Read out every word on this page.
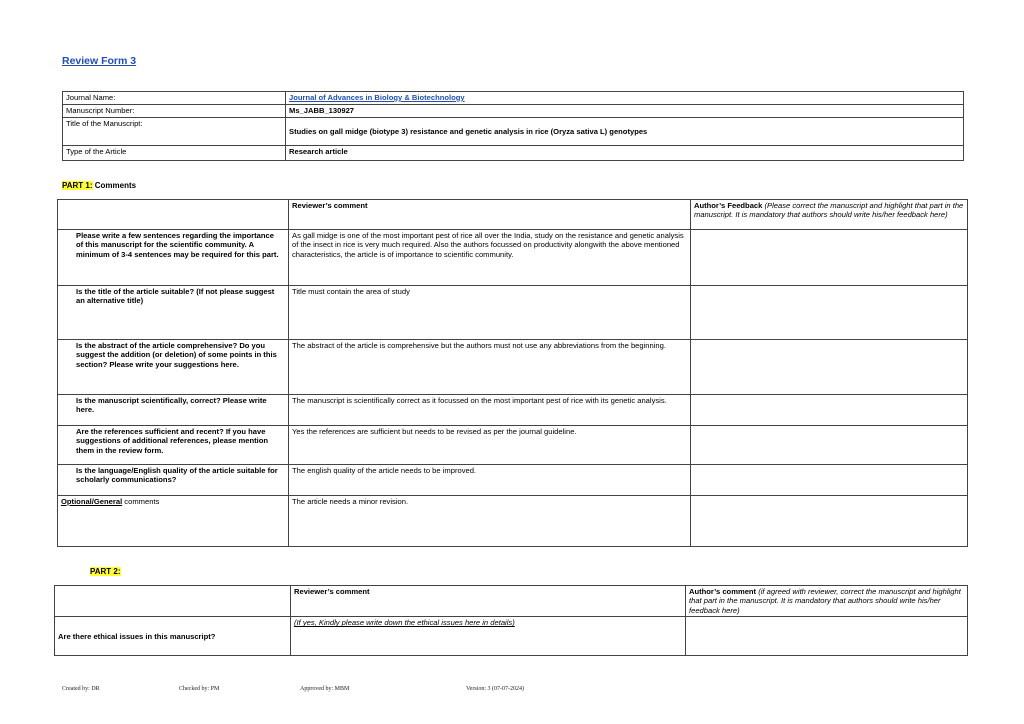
Review Form 3
Journal Name:	Journal of Advances in Biology & Biotechnology
Manuscript Number:	Ms_JABB_130927
Title of the Manuscript:	Studies on gall midge (biotype 3) resistance and genetic analysis in rice (Oryza sativa L) genotypes
Type of the Article	Research article
PART 1: Comments
	Reviewer’s comment	Author’s Feedback (Please correct the manuscript and highlight that part in the manuscript. It is mandatory that authors should write his/her feedback here)
Please write a few sentences regarding the importance of this manuscript for the scientific community. A minimum of 3-4 sentences may be required for this part.	As gall midge is one of the most important pest of rice all over the India, study on the resistance and genetic analysis of the insect in rice is very much required. Also the authors focussed on productivity alongwith the above mentioned characteristics, the article is of importance to scientific community.	
Is the title of the article suitable? (If not please suggest an alternative title)	Title must contain the area of study	
Is the abstract of the article comprehensive? Do you suggest the addition (or deletion) of some points in this section? Please write your suggestions here.	The abstract of the article is comprehensive but the authors must not use any abbreviations from the beginning.	
Is the manuscript scientifically, correct? Please write here.	The manuscript is scientifically correct as it focussed on the most important pest of rice with its genetic analysis.	
Are the references sufficient and recent? If you have suggestions of additional references, please mention them in the review form.	Yes the references are sufficient but needs to be revised as per the journal guideline.	
Is the language/English quality of the article suitable for scholarly communications?	The english quality of the article needs to be improved.	
Optional/General comments	The article needs a minor revision.	
PART 2:
	Reviewer’s comment	Author’s comment (if agreed with reviewer, correct the manuscript and highlight that part in the manuscript. It is mandatory that authors should write his/her feedback here)
Are there ethical issues in this manuscript?	(If yes, Kindly please write down the ethical issues here in details)	
Created by: DR	Checked by: PM	Approved by: MBM	Version: 3 (07-07-2024)
